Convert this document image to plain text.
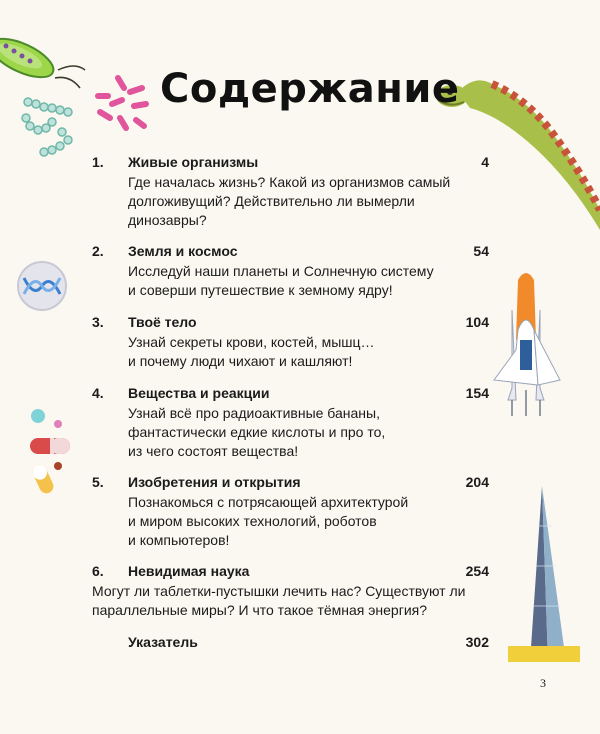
Содержание
1. Живые организмы	4
Где началась жизнь? Какой из организмов самый
долгоживущий? Действительно ли вымерли
динозавры?
2. Земля и космос	54
Исследуй наши планеты и Солнечную систему
и соверши путешествие к земному ядру!
3. Твоё тело	104
Узнай секреты крови, костей, мышц…
и почему люди чихают и кашляют!
4. Вещества и реакции	154
Узнай всё про радиоактивные бананы,
фантастически едкие кислоты и про то,
из чего состоят вещества!
5. Изобретения и открытия	204
Познакомься с потрясающей архитектурой
и миром высоких технологий, роботов
и компьютеров!
6. Невидимая наука	254
Могут ли таблетки-пустышки лечить нас? Существуют ли
параллельные миры? И что такое тёмная энергия?
Указатель	302
3
